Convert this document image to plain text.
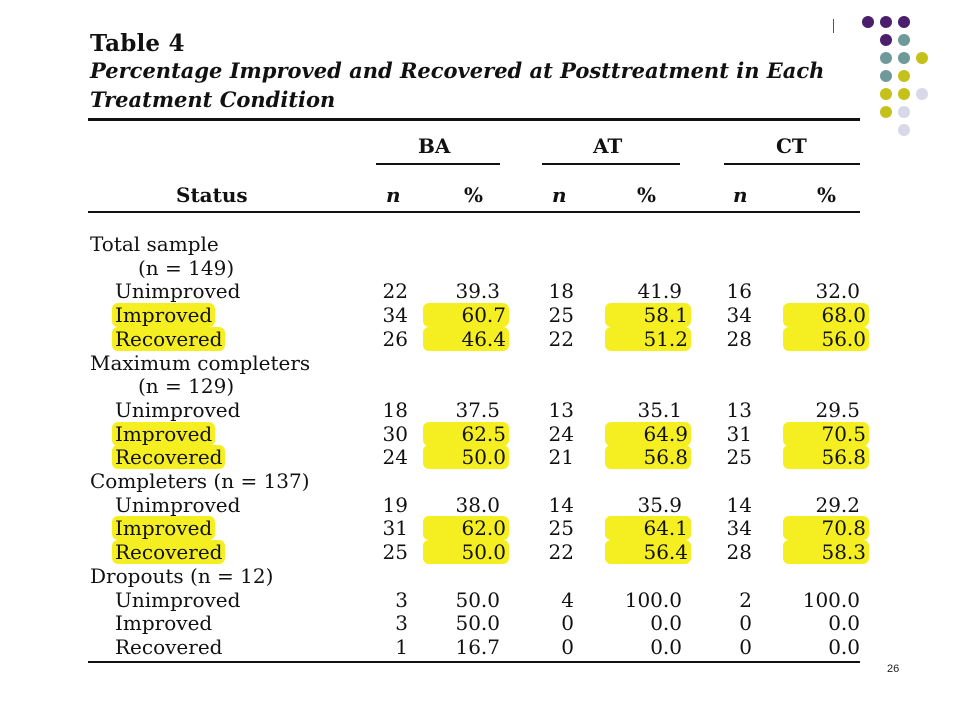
Table 4
Percentage Improved and Recovered at Posttreatment in Each
Treatment Condition
BA	AT	CT
Status	n	%	n	%	n	%
Total sample
(n = 149)
Unimproved	22	39.3	18	41.9	16	32.0
Improved	34	60.7	25	58.1	34	68.0
Recovered	26	46.4	22	51.2	28	56.0
Maximum completers
(n = 129)
Unimproved	18	37.5	13	35.1	13	29.5
Improved	30	62.5	24	64.9	31	70.5
Recovered	24	50.0	21	56.8	25	56.8
Completers (n = 137)
Unimproved	19	38.0	14	35.9	14	29.2
Improved	31	62.0	25	64.1	34	70.8
Recovered	25	50.0	22	56.4	28	58.3
Dropouts (n = 12)
Unimproved	3	50.0	4	100.0	2	100.0
Improved	3	50.0	0	0.0	0	0.0
Recovered	1	16.7	0	0.0	0	0.0
26
